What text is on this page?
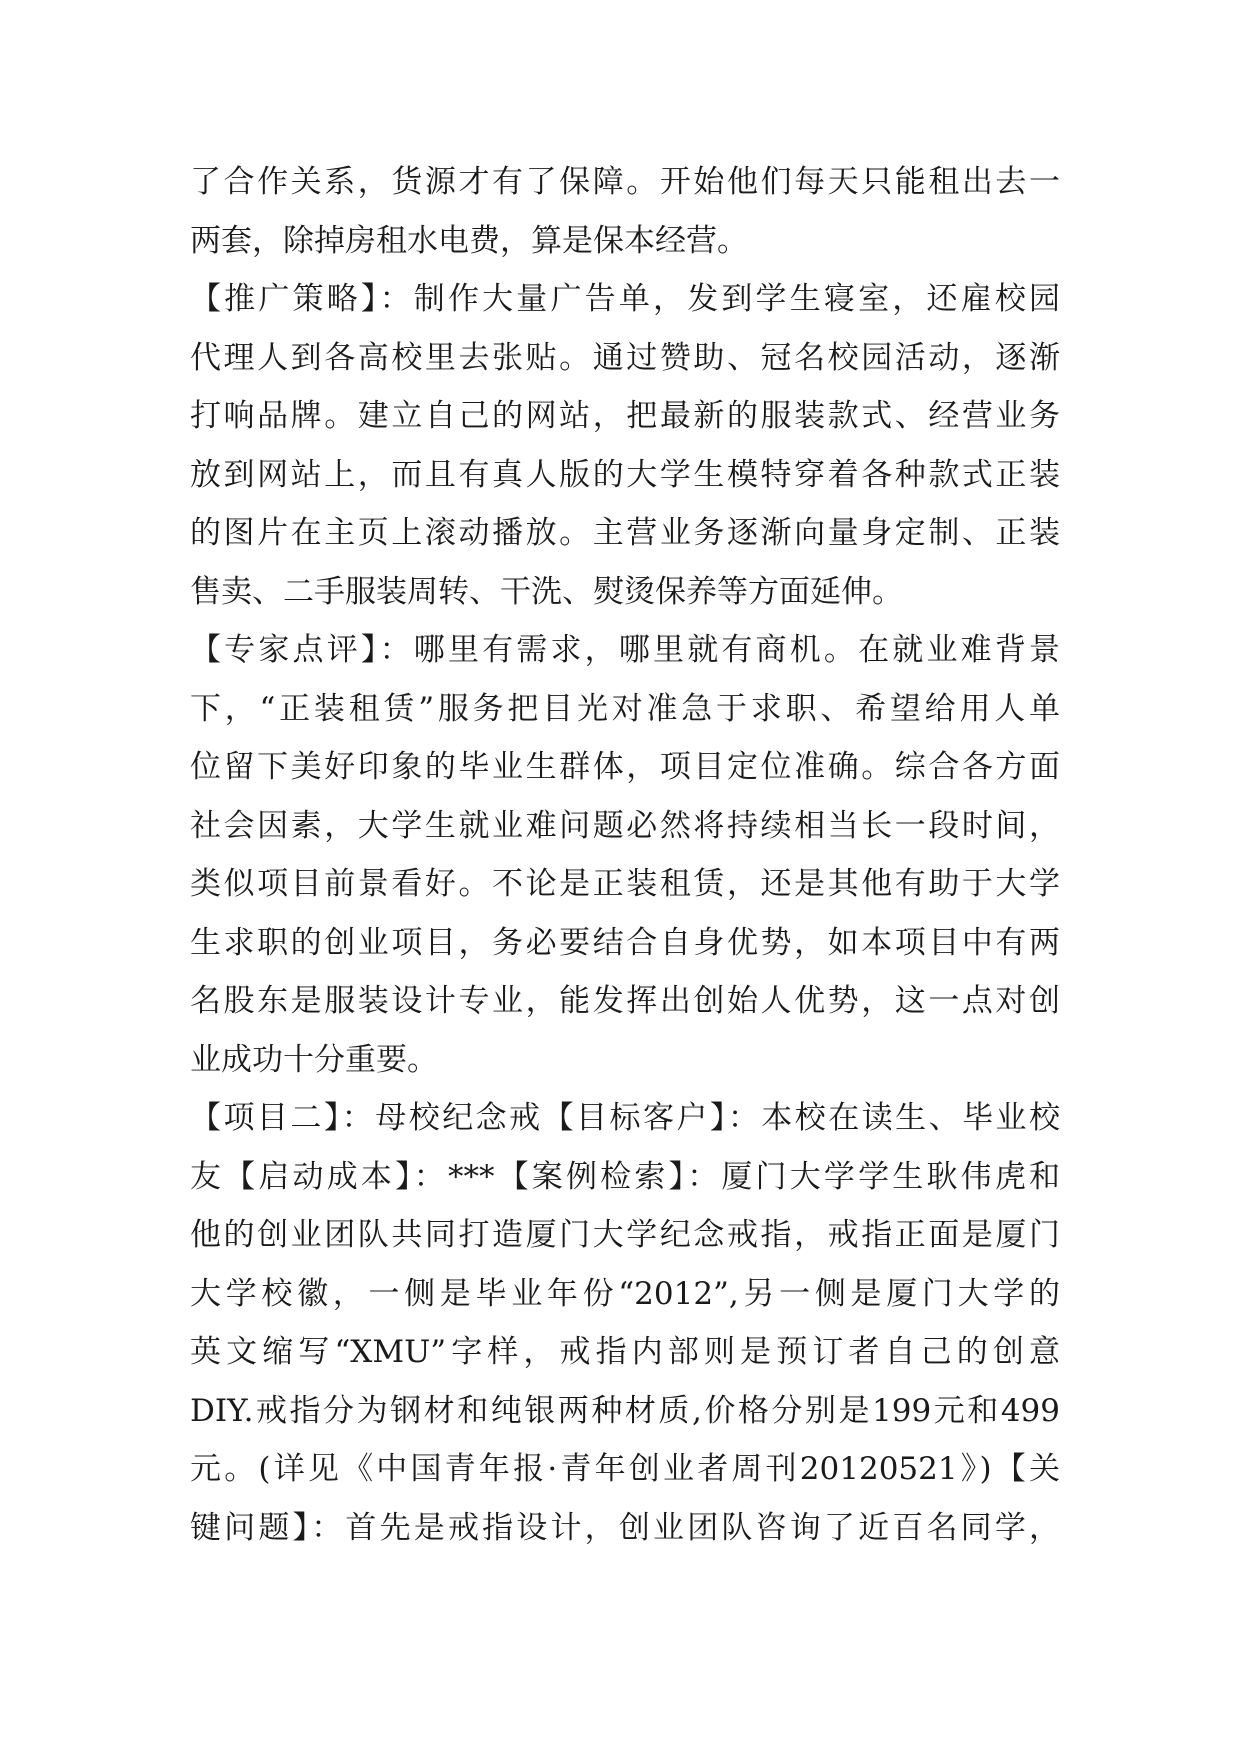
了合作关系，货源才有了保障。开始他们每天只能租出去一
两套，除掉房租水电费，算是保本经营。
【推广策略】：制作大量广告单，发到学生寝室，还雇校园
代理人到各高校里去张贴。通过赞助、冠名校园活动，逐渐
打响品牌。建立自己的网站，把最新的服装款式、经营业务
放到网站上，而且有真人版的大学生模特穿着各种款式正装
的图片在主页上滚动播放。主营业务逐渐向量身定制、正装
售卖、二手服装周转、干洗、熨烫保养等方面延伸。
【专家点评】：哪里有需求，哪里就有商机。在就业难背景
下，“正装租赁”服务把目光对准急于求职、希望给用人单
位留下美好印象的毕业生群体，项目定位准确。综合各方面
社会因素，大学生就业难问题必然将持续相当长一段时间，
类似项目前景看好。不论是正装租赁，还是其他有助于大学
生求职的创业项目，务必要结合自身优势，如本项目中有两
名股东是服装设计专业，能发挥出创始人优势，这一点对创
业成功十分重要。
【项目二】：母校纪念戒【目标客户】：本校在读生、毕业校
友【启动成本】：***【案例检索】：厦门大学学生耿伟虎和
他的创业团队共同打造厦门大学纪念戒指，戒指正面是厦门
大学校徽，一侧是毕业年份“2012”,另一侧是厦门大学的
英文缩写“XMU”字样，戒指内部则是预订者自己的创意
DIY.戒指分为钢材和纯银两种材质,价格分别是199元和499
元。(详见《中国青年报·青年创业者周刊20120521》)【关
键问题】：首先是戒指设计，创业团队咨询了近百名同学，
